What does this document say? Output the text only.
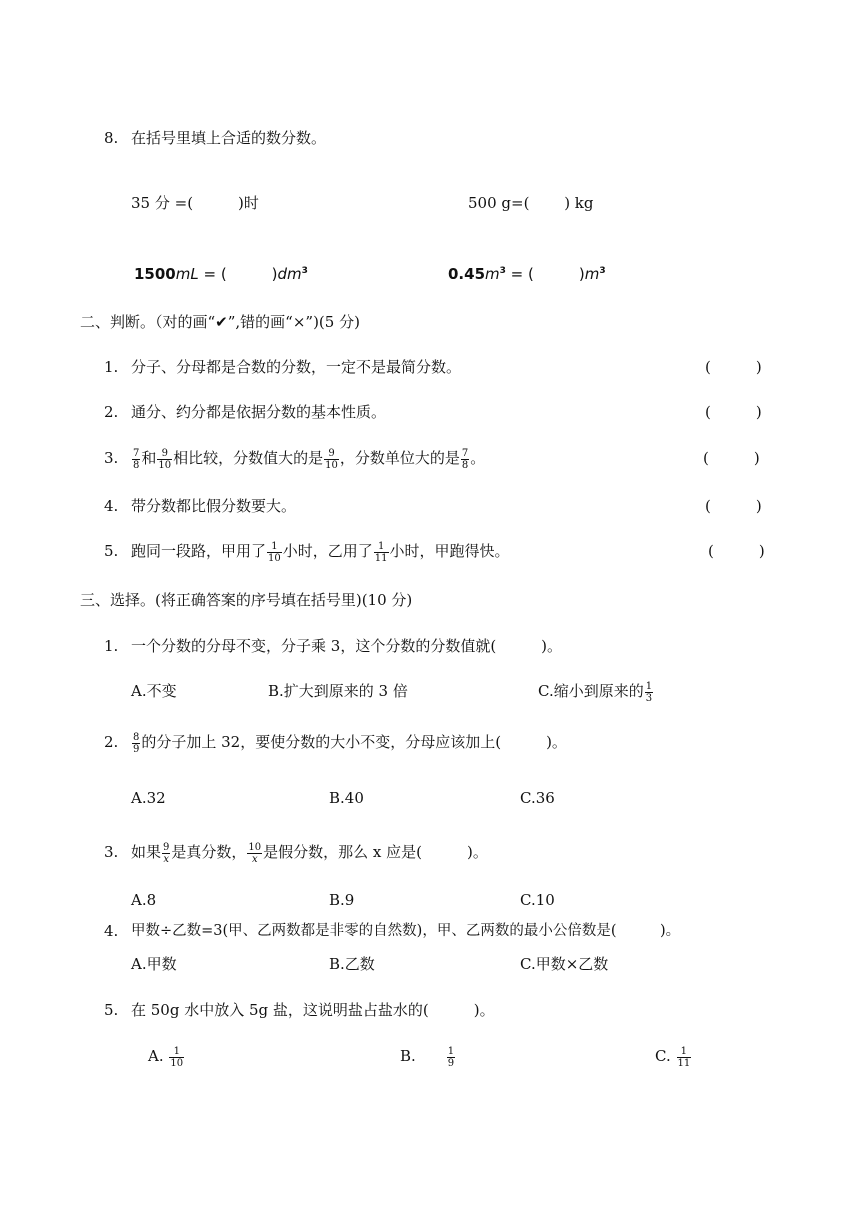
8. 在括号里填上合适的数分数。
35 分 =(　　　)时	500 g=(　　 ) kg
1500mL = (　　　)$dm^3$	$0.45m^3$ = (　　　)$m^3$
二、判断。（对的画“✔”,错的画“×”)(5 分)
1. 分子、分母都是合数的分数，一定不是最简分数。	(　　　)
2. 通分、约分都是依据分数的基本性质。	(　　　)
3. $\frac{7}{8}$ 和 $\frac{9}{10}$ 相比较，分数值大的是 $\frac{9}{10}$ ，分数单位大的是 $\frac{7}{8}$ 。	(　　　)
4. 带分数都比假分数要大。	(　　　)
5. 跑同一段路，甲用了 $\frac{1}{10}$ 小时，乙用了 $\frac{1}{11}$ 小时，甲跑得快。	(　　　)
三、选择。(将正确答案的序号填在括号里)(10 分)
1. 一个分数的分母不变，分子乘 3，这个分数的分数值就(　　　)。
A.不变	B.扩大到原来的 3 倍	C.缩小到原来的 $\frac{1}{3}$
2. $\frac{8}{9}$ 的分子加上 32，要使分数的大小不变，分母应该加上(　　　)。
A.32	B.40	C.36
3. 如果 $\frac{9}{x}$ 是真分数， $\frac{10}{x}$ 是假分数，那么 x 应是(　　　)。
A.8	B.9	C.10
4. 甲数÷乙数=3(甲、乙两数都是非零的自然数)，甲、乙两数的最小公倍数是(　　　)。
A.甲数	B.乙数	C.甲数×乙数
5. 在 50g 水中放入 5g 盐，这说明盐占盐水的(　　　)。
A. $\frac{1}{10}$	B.	$\frac{1}{9}$	C. $\frac{1}{11}$
